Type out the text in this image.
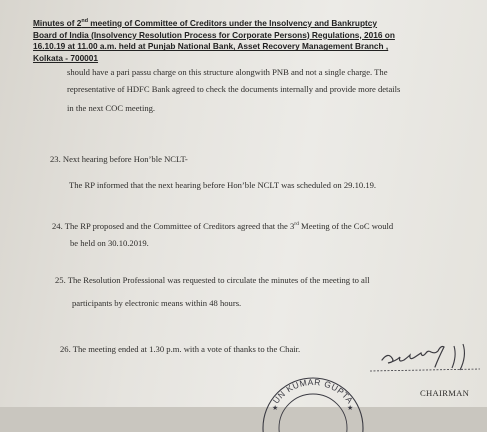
Minutes of 2nd meeting of Committee of Creditors under the Insolvency and Bankruptcy
Board of India (Insolvency Resolution Process for Corporate Persons) Regulations, 2016 on
16.10.19 at 11.00 a.m. held at Punjab National Bank, Asset Recovery Management Branch ,
Kolkata - 700001
should have a pari passu charge on this structure alongwith PNB and not a single charge. The
representative of HDFC Bank agreed to check the documents internally and provide more details
in the next COC meeting.
23. Next hearing before Hon’ble NCLT-
The RP informed that the next hearing before Hon’ble NCLT was scheduled on 29.10.19.
24. The RP proposed and the Committee of Creditors agreed that the 3rd Meeting of the CoC would
be held on 30.10.2019.
25. The Resolution Professional was requested to circulate the minutes of the meeting to all
participants by electronic means within 48 hours.
26. The meeting ended at 1.30 p.m. with a vote of thanks to the Chair.
UN KUMAR GUPTA
★	★
CHAIRMAN
